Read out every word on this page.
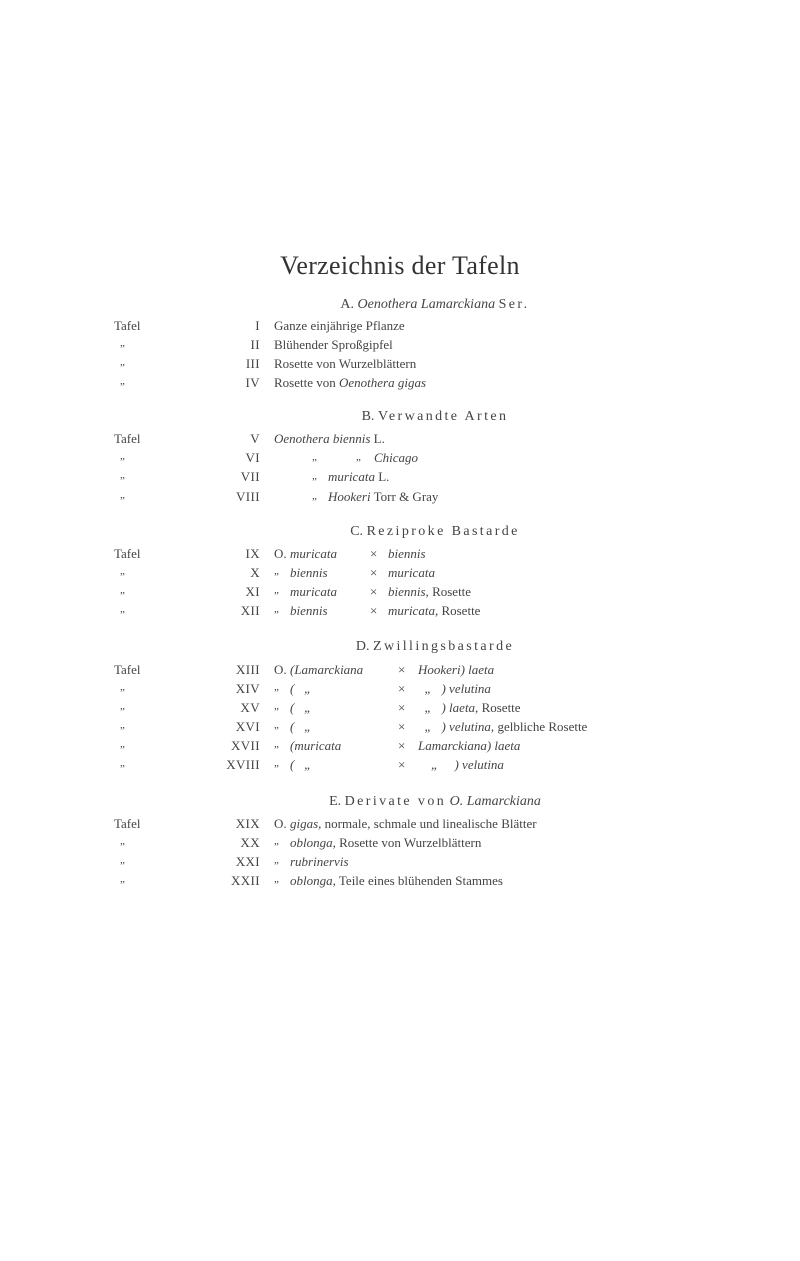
Verzeichnis der Tafeln
A. Oenothera Lamarckiana Ser.
Tafel	I Ganze einjährige Pflanze
„	II Blühender Sproßgipfel
„	III Rosette von Wurzelblättern
„	IV Rosette von Oenothera gigas
B. Verwandte Arten
Tafel	V Oenothera biennis L.
„	VI	„	„ Chicago
„	VII	„ muricata L.
„	VIII	„ Hookeri Torr & Gray
C. Reziproke Bastarde
Tafel	IX O. muricata	× biennis
„	X „ biennis	× muricata
„	XI „ muricata	× biennis, Rosette
„	XII „ biennis	× muricata, Rosette
D. Zwillingsbastarde
Tafel	XIII O. (Lamarckiana	× Hookeri) laeta
„	XIV „ (   „	× „   ) velutina
„	XV „ (   „	× „   ) laeta, Rosette
„	XVI „ (   „	× „   ) velutina, gelbliche Rosette
„	XVII „ (muricata	× Lamarckiana) laeta
„	XVIII „ (   „	× „     ) velutina
E. Derivate von O. Lamarckiana
Tafel	XIX O. gigas, normale, schmale und linealische Blätter
„	XX „ oblonga, Rosette von Wurzelblättern
„	XXI „ rubrinervis
„	XXII „ oblonga, Teile eines blühenden Stammes
